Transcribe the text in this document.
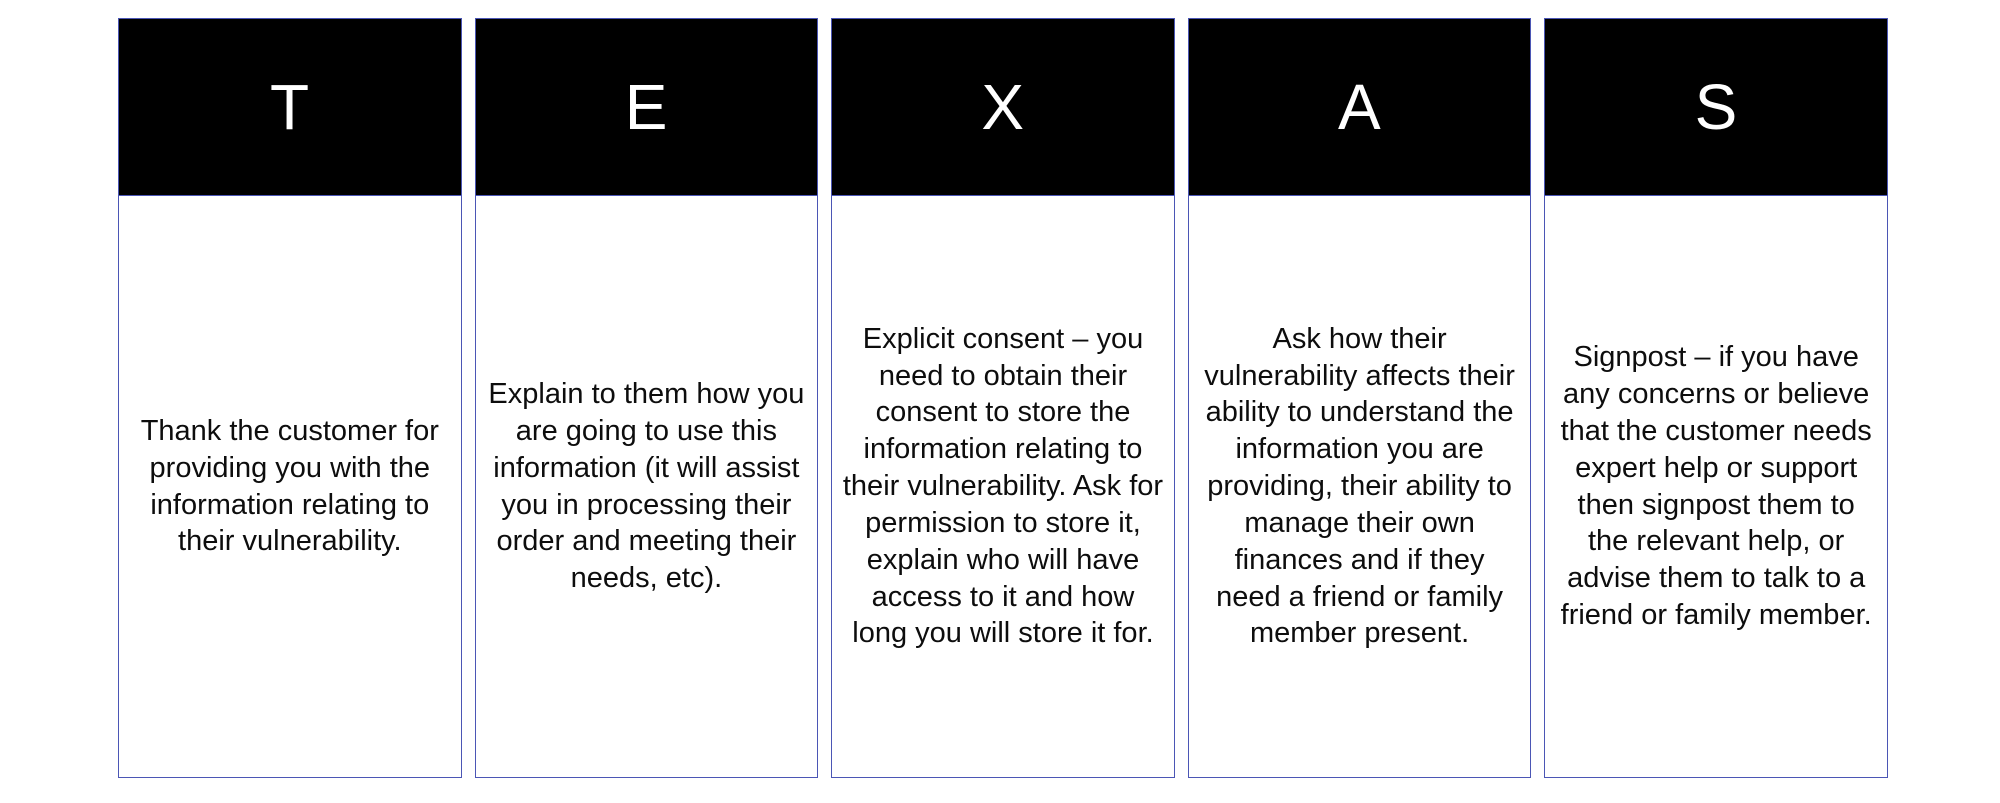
T
Thank the customer for providing you with the information relating to their vulnerability.
E
Explain to them how you are going to use this information (it will assist you in processing their order and meeting their needs, etc).
X
Explicit consent – you need to obtain their consent to store the information relating to their vulnerability. Ask for permission to store it, explain who will have access to it and how long you will store it for.
A
Ask how their vulnerability affects their ability to understand the information you are providing, their ability to manage their own finances and if they need a friend or family member present.
S
Signpost – if you have any concerns or believe that the customer needs expert help or support then signpost them to the relevant help, or advise them to talk to a friend or family member.
